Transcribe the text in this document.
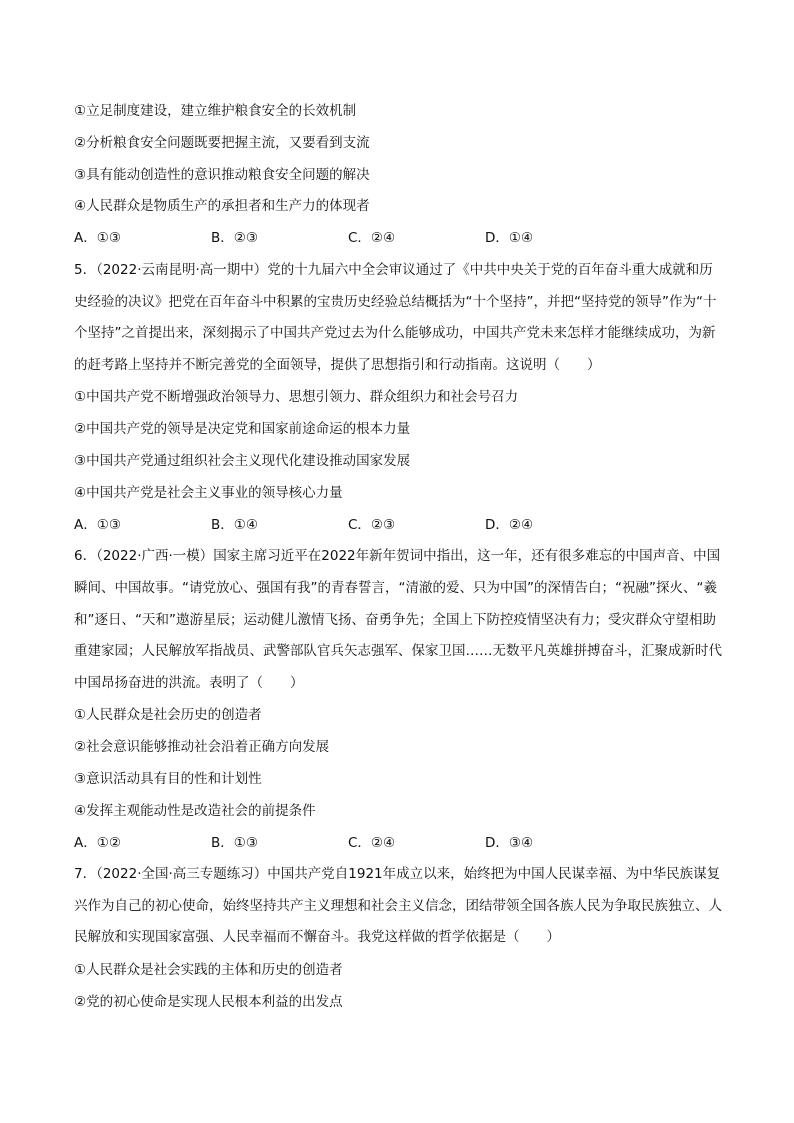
①立足制度建设，建立维护粮食安全的长效机制
②分析粮食安全问题既要把握主流，又要看到支流
③具有能动创造性的意识推动粮食安全问题的解决
④人民群众是物质生产的承担者和生产力的体现者
A．①③	B．②③	C．②④	D．①④
5．（2022·云南昆明·高一期中）党的十九届六中全会审议通过了《中共中央关于党的百年奋斗重大成就和历史经验的决议》把党在百年奋斗中积累的宝贵历史经验总结概括为“十个坚持”，并把“坚持党的领导”作为“十个坚持”之首提出来，深刻揭示了中国共产党过去为什么能够成功，中国共产党未来怎样才能继续成功，为新的赶考路上坚持并不断完善党的全面领导，提供了思想指引和行动指南。这说明（　　）
①中国共产党不断增强政治领导力、思想引领力、群众组织力和社会号召力
②中国共产党的领导是决定党和国家前途命运的根本力量
③中国共产党通过组织社会主义现代化建设推动国家发展
④中国共产党是社会主义事业的领导核心力量
A．①③	B．①④	C．②③	D．②④
6．（2022·广西·一模）国家主席习近平在2022年新年贺词中指出，这一年，还有很多难忘的中国声音、中国瞬间、中国故事。“请党放心、强国有我”的青春誓言，“清澈的爱、只为中国”的深情告白；“祝融”探火、“羲和”逐日、“天和”遨游星辰；运动健儿激情飞扬、奋勇争先；全国上下防控疫情坚决有力；受灾群众守望相助重建家园；人民解放军指战员、武警部队官兵矢志强军、保家卫国……无数平凡英雄拼搏奋斗，汇聚成新时代中国昂扬奋进的洪流。表明了（　　）
①人民群众是社会历史的创造者
②社会意识能够推动社会沿着正确方向发展
③意识活动具有目的性和计划性
④发挥主观能动性是改造社会的前提条件
A．①②	B．①③	C．②④	D．③④
7．（2022·全国·高三专题练习）中国共产党自1921年成立以来，始终把为中国人民谋幸福、为中华民族谋复兴作为自己的初心使命，始终坚持共产主义理想和社会主义信念，团结带领全国各族人民为争取民族独立、人民解放和实现国家富强、人民幸福而不懈奋斗。我党这样做的哲学依据是（　　）
①人民群众是社会实践的主体和历史的创造者
②党的初心使命是实现人民根本利益的出发点
